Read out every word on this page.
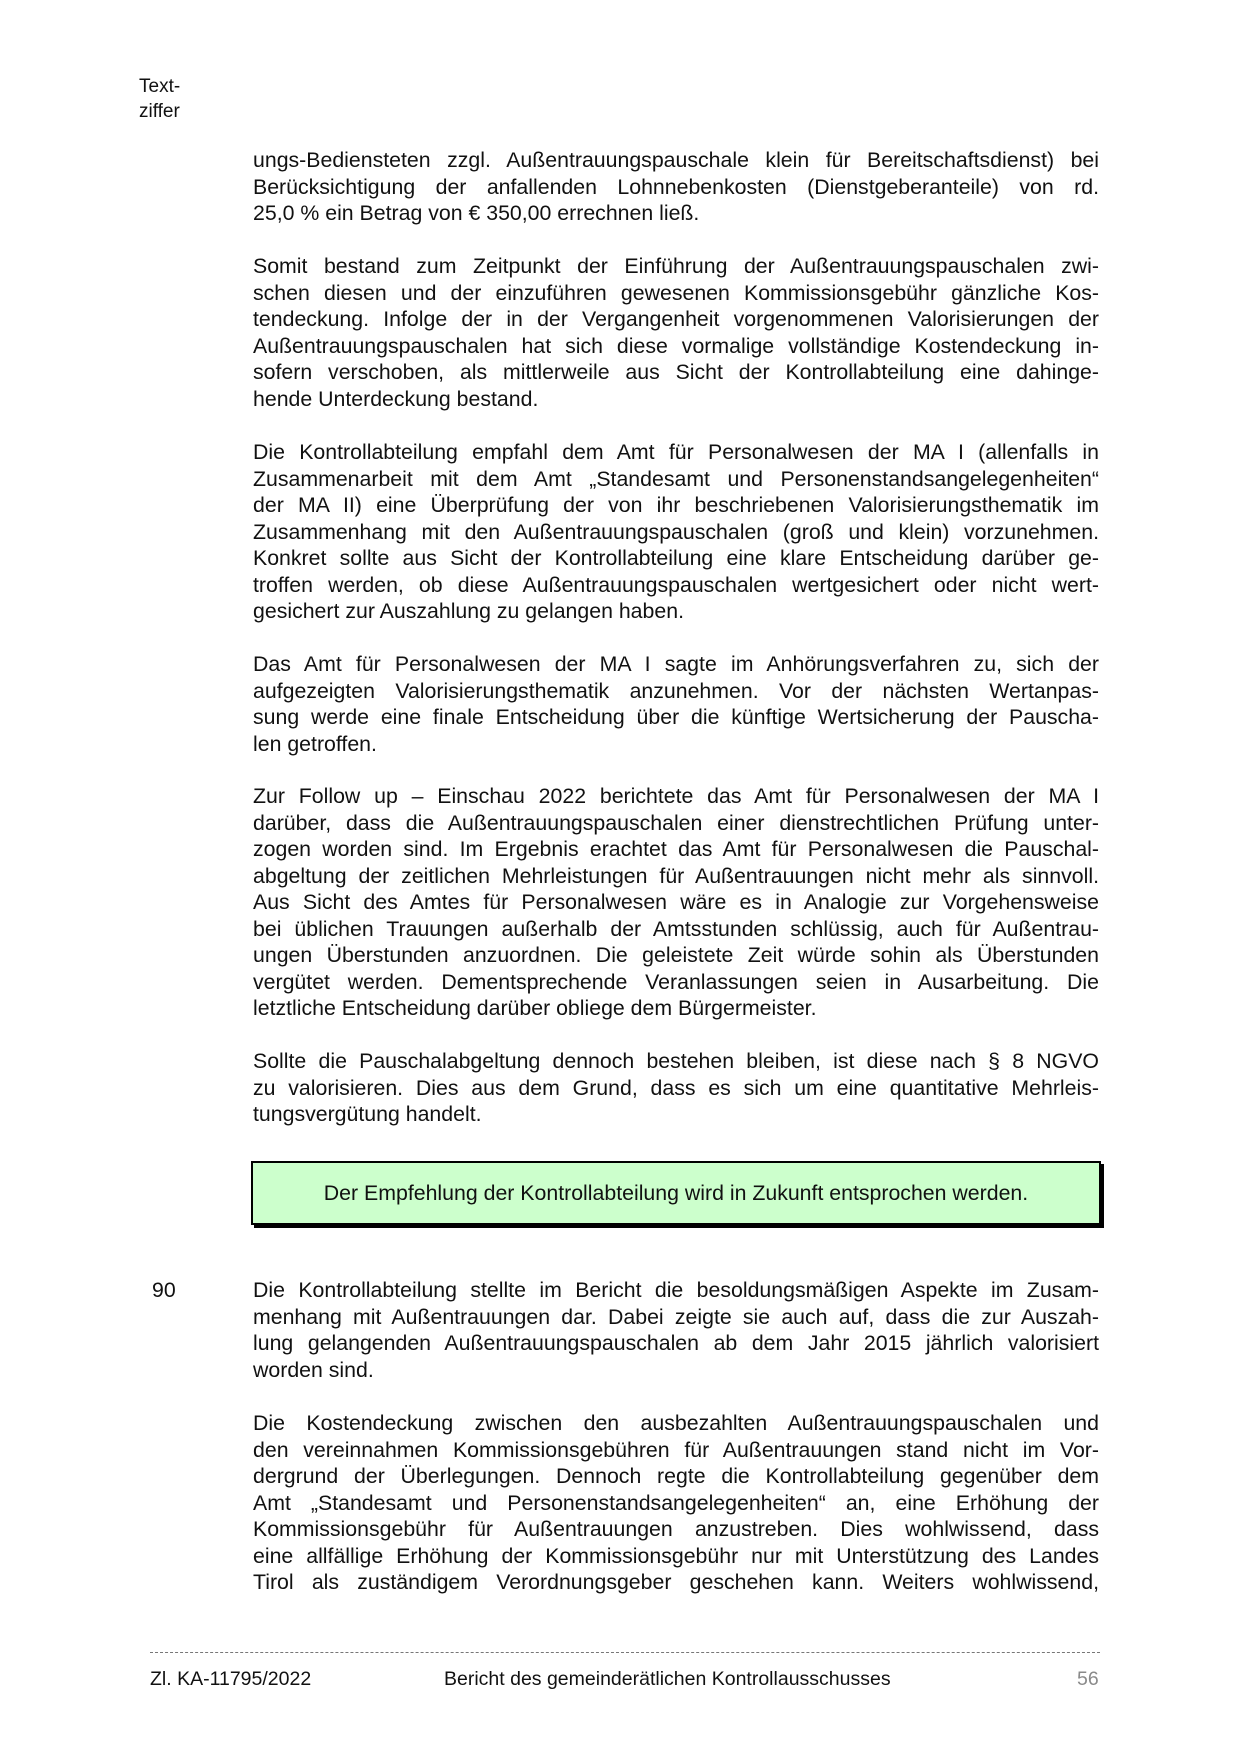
Text-
ziffer
ungs-Bediensteten zzgl. Außentrauungspauschale klein für Bereitschaftsdienst) bei
Berücksichtigung der anfallenden Lohnnebenkosten (Dienstgeberanteile) von rd.
25,0 % ein Betrag von € 350,00 errechnen ließ.
Somit bestand zum Zeitpunkt der Einführung der Außentrauungspauschalen zwi-
schen diesen und der einzuführen gewesenen Kommissionsgebühr gänzliche Kos-
tendeckung. Infolge der in der Vergangenheit vorgenommenen Valorisierungen der
Außentrauungspauschalen hat sich diese vormalige vollständige Kostendeckung in-
sofern verschoben, als mittlerweile aus Sicht der Kontrollabteilung eine dahinge-
hende Unterdeckung bestand.
Die Kontrollabteilung empfahl dem Amt für Personalwesen der MA I (allenfalls in
Zusammenarbeit mit dem Amt „Standesamt und Personenstandsangelegenheiten“
der MA II) eine Überprüfung der von ihr beschriebenen Valorisierungsthematik im
Zusammenhang mit den Außentrauungspauschalen (groß und klein) vorzunehmen.
Konkret sollte aus Sicht der Kontrollabteilung eine klare Entscheidung darüber ge-
troffen werden, ob diese Außentrauungspauschalen wertgesichert oder nicht wert-
gesichert zur Auszahlung zu gelangen haben.
Das Amt für Personalwesen der MA I sagte im Anhörungsverfahren zu, sich der
aufgezeigten Valorisierungsthematik anzunehmen. Vor der nächsten Wertanpas-
sung werde eine finale Entscheidung über die künftige Wertsicherung der Pauscha-
len getroffen.
Zur Follow up – Einschau 2022 berichtete das Amt für Personalwesen der MA I
darüber, dass die Außentrauungspauschalen einer dienstrechtlichen Prüfung unter-
zogen worden sind. Im Ergebnis erachtet das Amt für Personalwesen die Pauschal-
abgeltung der zeitlichen Mehrleistungen für Außentrauungen nicht mehr als sinnvoll.
Aus Sicht des Amtes für Personalwesen wäre es in Analogie zur Vorgehensweise
bei üblichen Trauungen außerhalb der Amtsstunden schlüssig, auch für Außentrau-
ungen Überstunden anzuordnen. Die geleistete Zeit würde sohin als Überstunden
vergütet werden. Dementsprechende Veranlassungen seien in Ausarbeitung. Die
letztliche Entscheidung darüber obliege dem Bürgermeister.
Sollte die Pauschalabgeltung dennoch bestehen bleiben, ist diese nach § 8 NGVO
zu valorisieren. Dies aus dem Grund, dass es sich um eine quantitative Mehrleis-
tungsvergütung handelt.
Der Empfehlung der Kontrollabteilung wird in Zukunft entsprochen werden.
90	Die Kontrollabteilung stellte im Bericht die besoldungsmäßigen Aspekte im Zusam-
menhang mit Außentrauungen dar. Dabei zeigte sie auch auf, dass die zur Auszah-
lung gelangenden Außentrauungspauschalen ab dem Jahr 2015 jährlich valorisiert
worden sind.
Die Kostendeckung zwischen den ausbezahlten Außentrauungspauschalen und
den vereinnahmen Kommissionsgebühren für Außentrauungen stand nicht im Vor-
dergrund der Überlegungen. Dennoch regte die Kontrollabteilung gegenüber dem
Amt „Standesamt und Personenstandsangelegenheiten“ an, eine Erhöhung der
Kommissionsgebühr für Außentrauungen anzustreben. Dies wohlwissend, dass
eine allfällige Erhöhung der Kommissionsgebühr nur mit Unterstützung des Landes
Tirol als zuständigem Verordnungsgeber geschehen kann. Weiters wohlwissend,
Zl. KA-11795/2022	Bericht des gemeinderätlichen Kontrollausschusses	56
